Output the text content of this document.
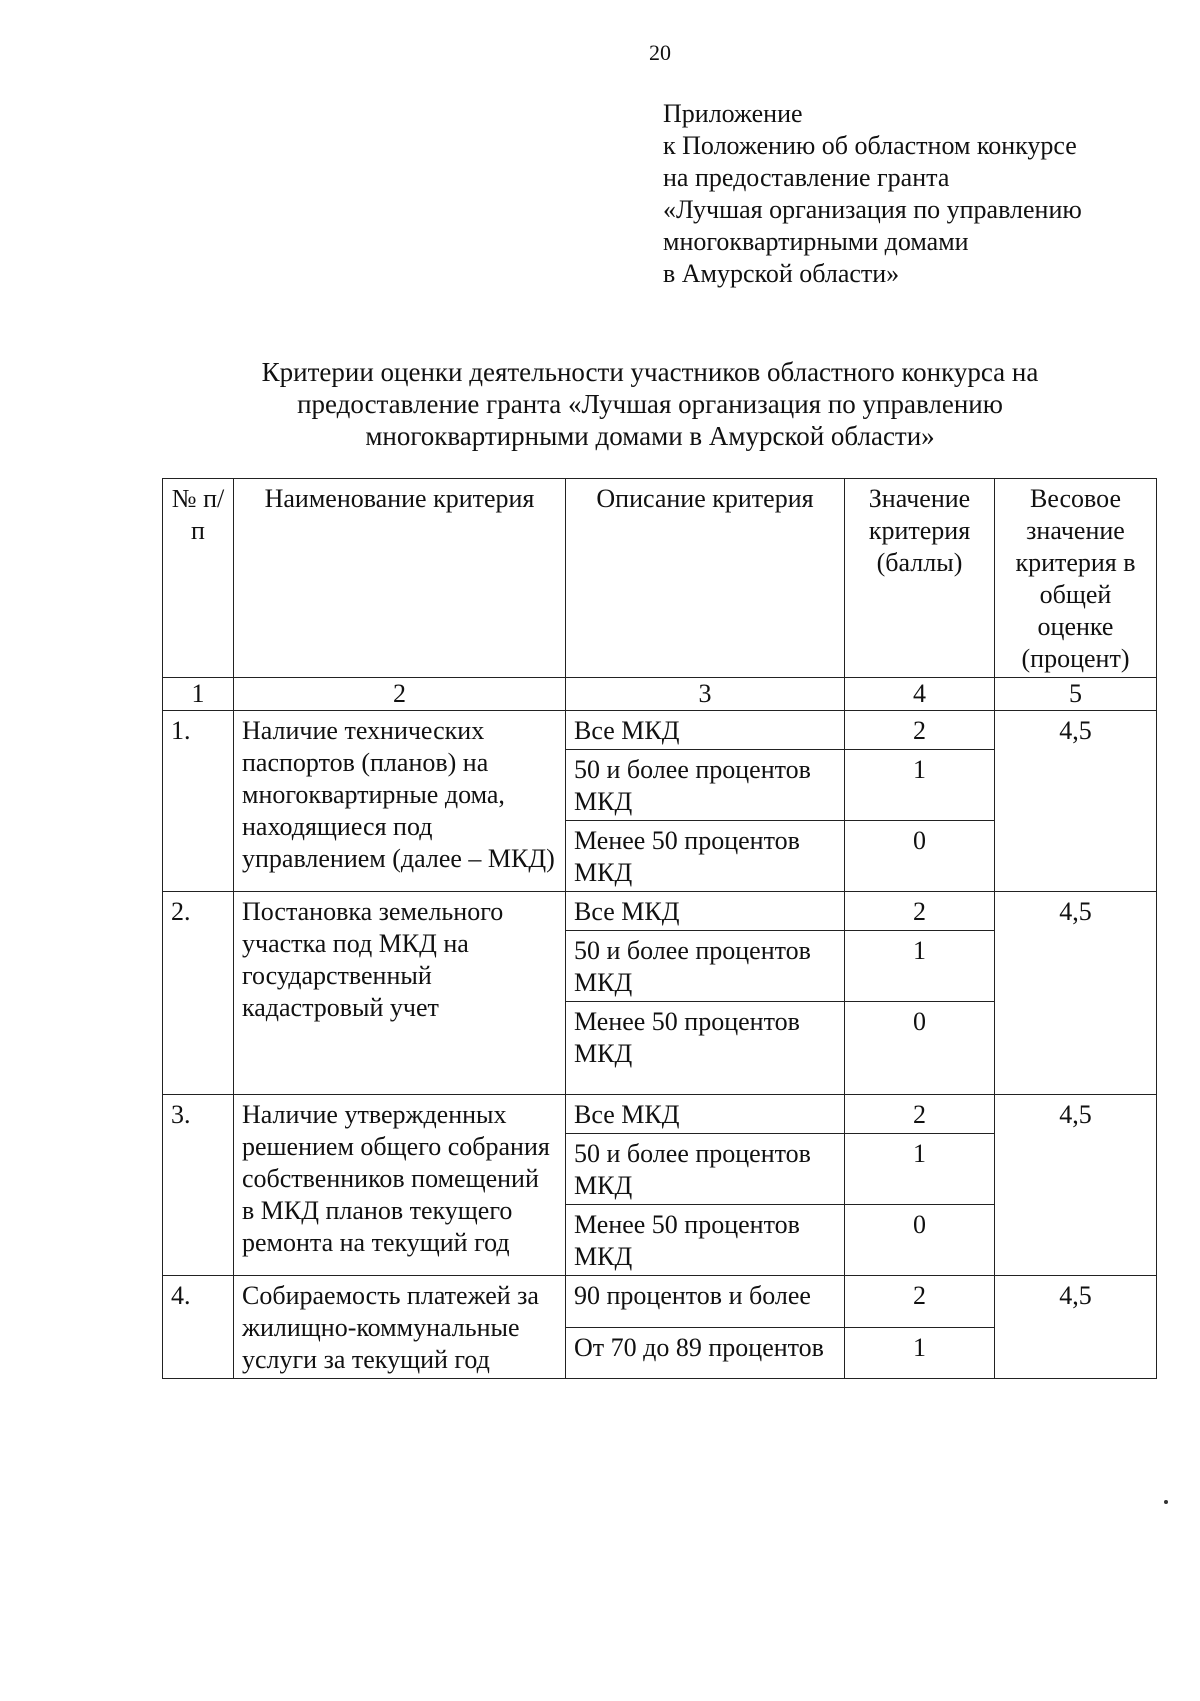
20
Приложение
к Положению об областном конкурсе
на предоставление гранта
«Лучшая организация по управлению
многоквартирными домами
в Амурской области»
Критерии оценки деятельности участников областного конкурса на
предоставление гранта «Лучшая организация по управлению
многоквартирными домами в Амурской области»
№ п/п	Наименование критерия	Описание критерия	Значение критерия (баллы)	Весовое значение критерия в общей оценке (процент)
1	2	3	4	5
1.	Наличие технических паспортов (планов) на многоквартирные дома, находящиеся под управлением (далее – МКД)	Все МКД	2	4,5
		50 и более процентов МКД	1	
		Менее 50 процентов МКД	0	
2.	Постановка земельного участка под МКД на государственный кадастровый учет	Все МКД	2	4,5
		50 и более процентов МКД	1	
		Менее 50 процентов МКД	0	
3.	Наличие утвержденных решением общего собрания собственников помещений в МКД планов текущего ремонта на текущий год	Все МКД	2	4,5
		50 и более процентов МКД	1	
		Менее 50 процентов МКД	0	
4.	Собираемость платежей за жилищно-коммунальные услуги за текущий год	90 процентов и более	2	4,5
		От 70 до 89 процентов	1	
